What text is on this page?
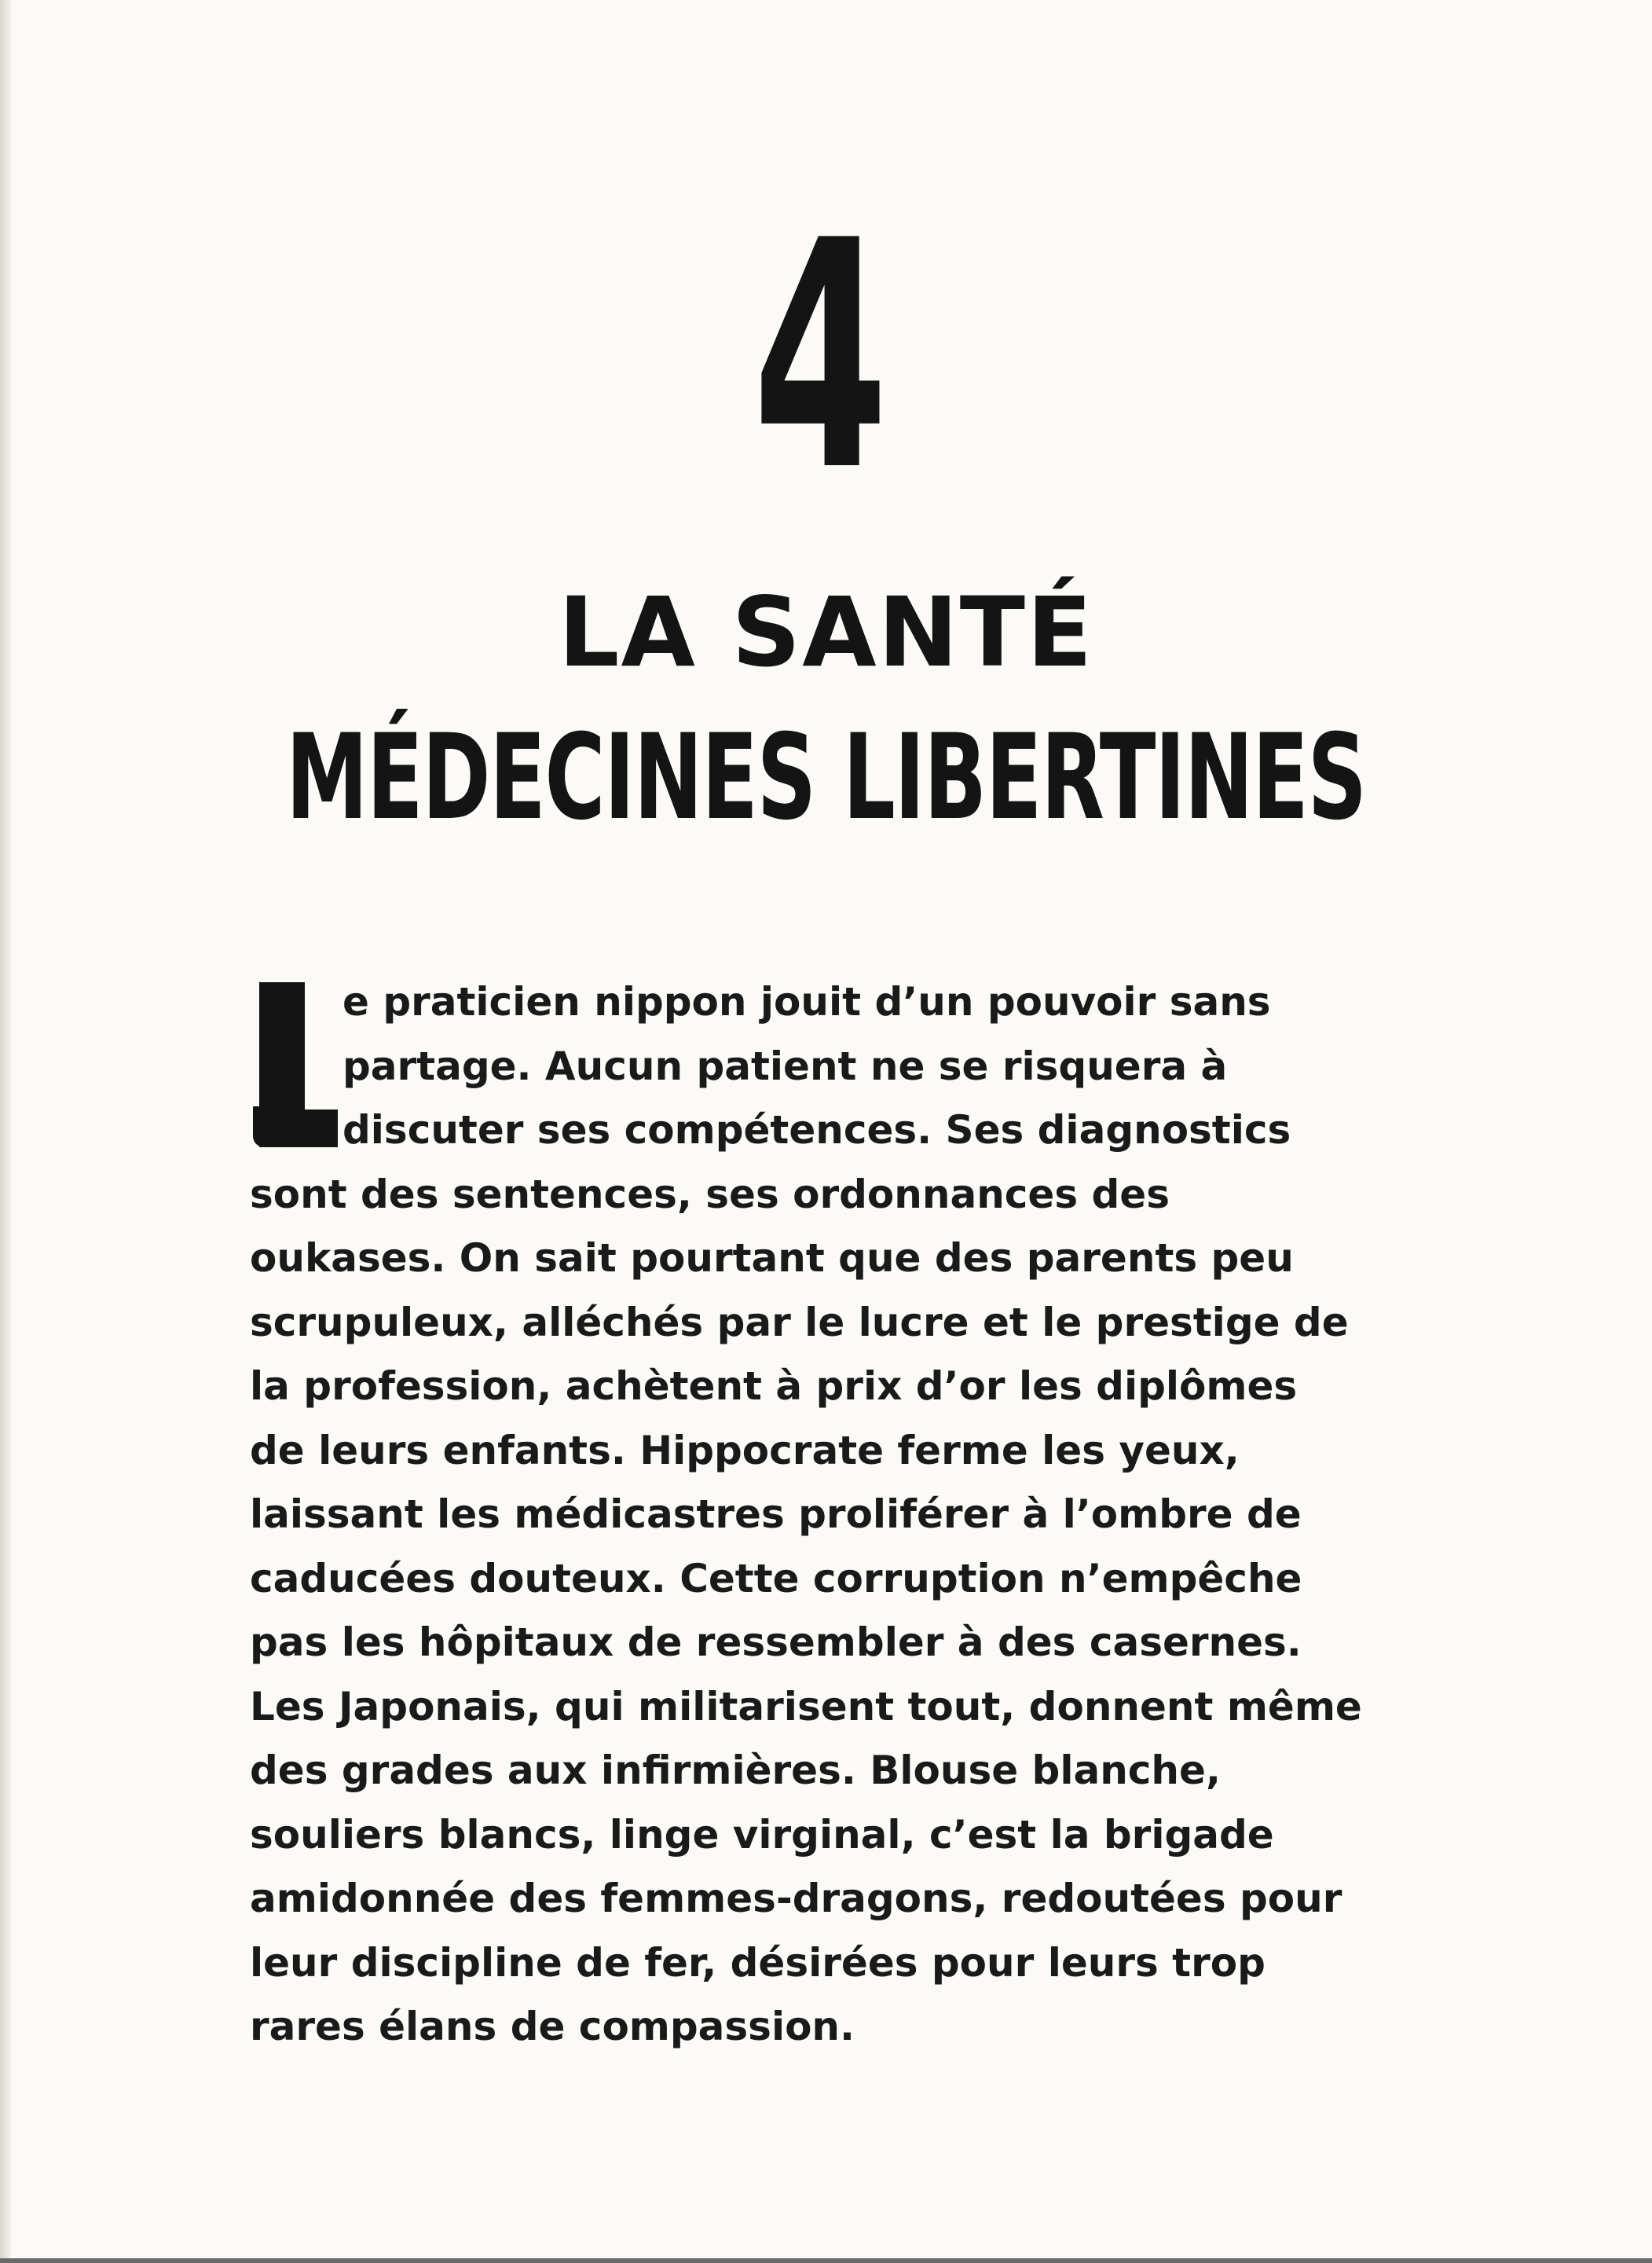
4
LA SANTÉ
MÉDECINES LIBERTINES
e praticien nippon jouit d’un pouvoir sans
partage. Aucun patient ne se risquera à
discuter ses compétences. Ses diagnostics
sont des sentences, ses ordonnances des
oukases. On sait pourtant que des parents peu
scrupuleux, alléchés par le lucre et le prestige de
la profession, achètent à prix d’or les diplômes
de leurs enfants. Hippocrate ferme les yeux,
laissant les médicastres proliférer à l’ombre de
caducées douteux. Cette corruption n’empêche
pas les hôpitaux de ressembler à des casernes.
Les Japonais, qui militarisent tout, donnent même
des grades aux infirmières. Blouse blanche,
souliers blancs, linge virginal, c’est la brigade
amidonnée des femmes-dragons, redoutées pour
leur discipline de fer, désirées pour leurs trop
rares élans de compassion.
